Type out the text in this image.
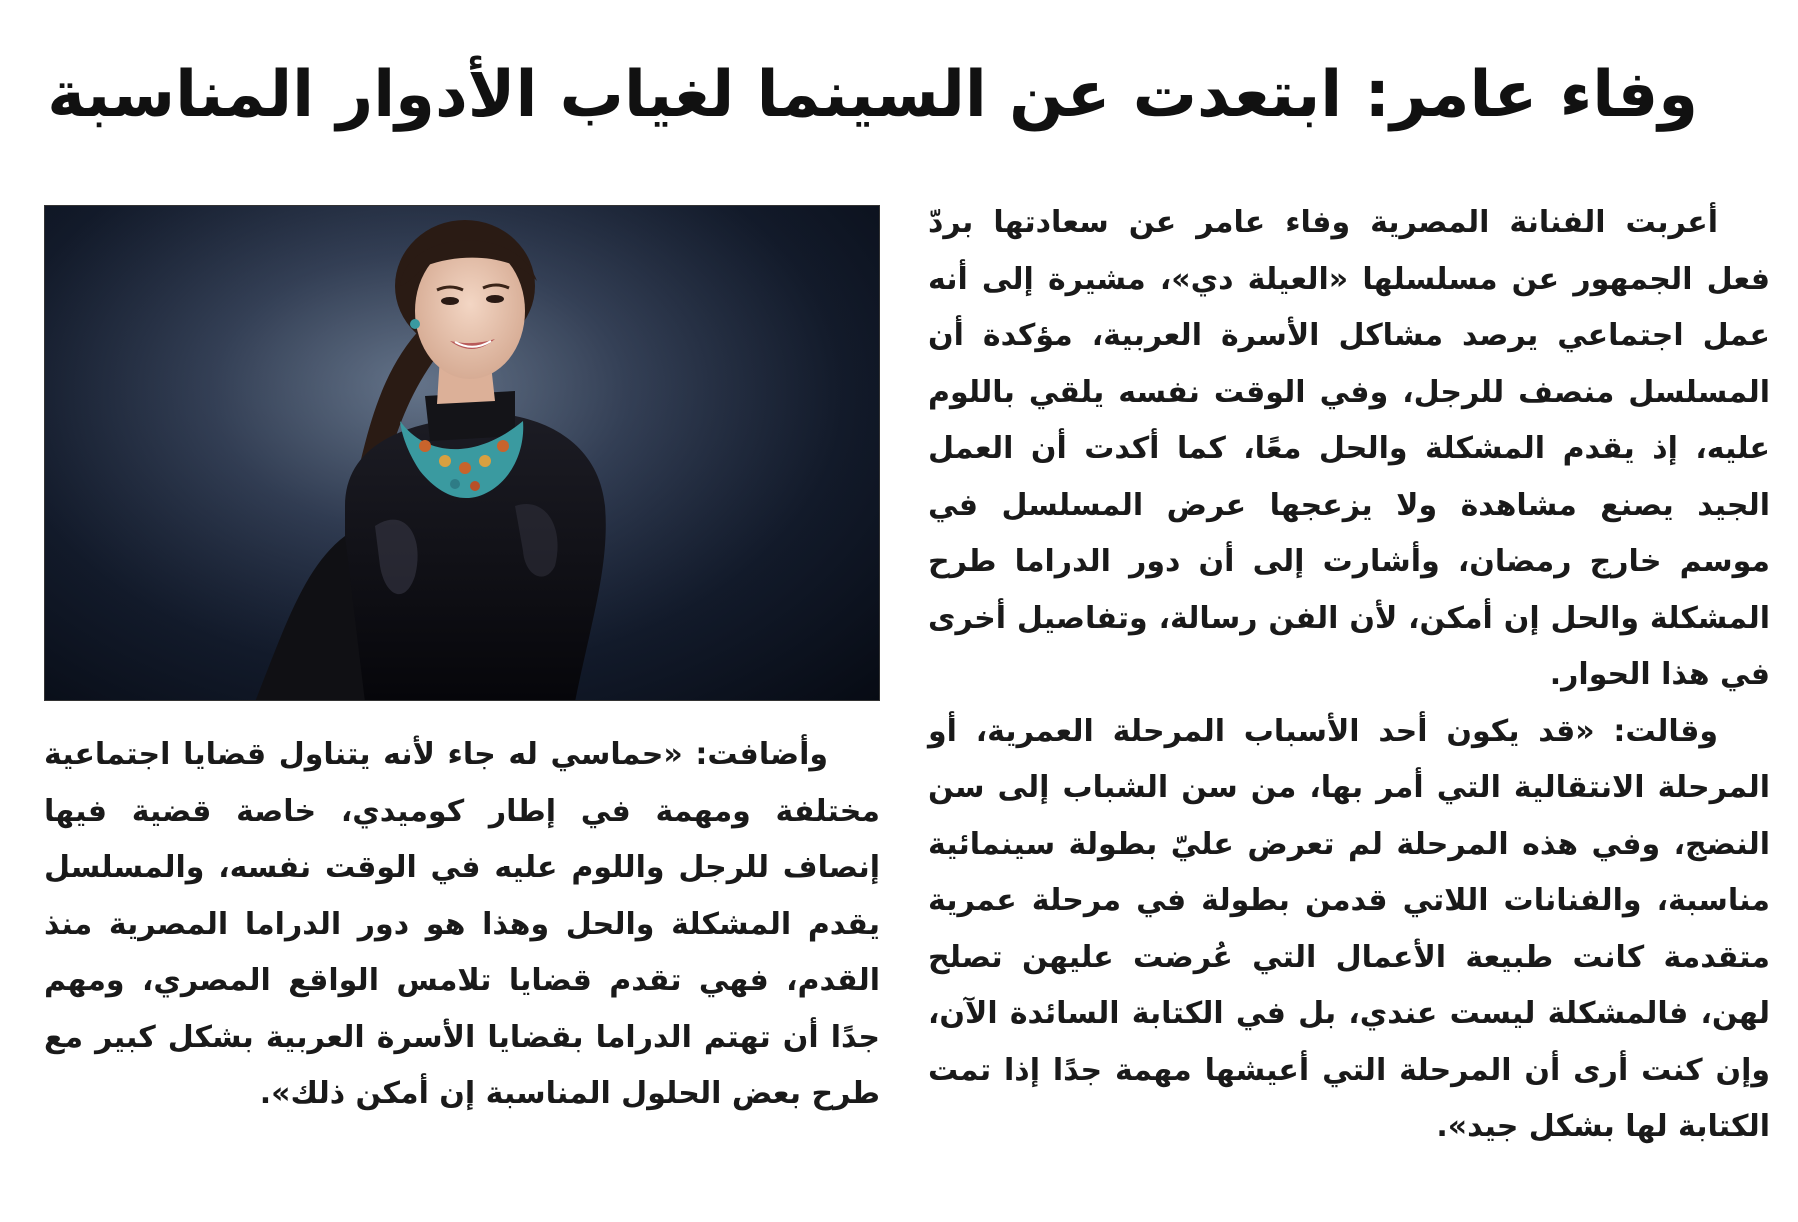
وفاء عامر: ابتعدت عن السينما لغياب الأدوار المناسبة

أعربت الفنانة المصرية وفاء عامر عن سعادتها بردّ فعل الجمهور عن مسلسلها «العيلة دي»، مشيرة إلى أنه عمل اجتماعي يرصد مشاكل الأسرة العربية، مؤكدة أن المسلسل منصف للرجل، وفي الوقت نفسه يلقي باللوم عليه، إذ يقدم المشكلة والحل معًا، كما أكدت أن العمل الجيد يصنع مشاهدة ولا يزعجها عرض المسلسل في موسم خارج رمضان، وأشارت إلى أن دور الدراما طرح المشكلة والحل إن أمكن، لأن الفن رسالة، وتفاصيل أخرى في هذا الحوار.

وقالت: «قد يكون أحد الأسباب المرحلة العمرية، أو المرحلة الانتقالية التي أمر بها، من سن الشباب إلى سن النضج، وفي هذه المرحلة لم تعرض عليّ بطولة سينمائية مناسبة، والفنانات اللاتي قدمن بطولة في مرحلة عمرية متقدمة كانت طبيعة الأعمال التي عُرضت عليهن تصلح لهن، فالمشكلة ليست عندي، بل في الكتابة السائدة الآن، وإن كنت أرى أن المرحلة التي أعيشها مهمة جدًا إذا تمت الكتابة لها بشكل جيد».

وأضافت: «حماسي له جاء لأنه يتناول قضايا اجتماعية مختلفة ومهمة في إطار كوميدي، خاصة قضية فيها إنصاف للرجل واللوم عليه في الوقت نفسه، والمسلسل يقدم المشكلة والحل وهذا هو دور الدراما المصرية منذ القدم، فهي تقدم قضايا تلامس الواقع المصري، ومهم جدًا أن تهتم الدراما بقضايا الأسرة العربية بشكل كبير مع طرح بعض الحلول المناسبة إن أمكن ذلك».
